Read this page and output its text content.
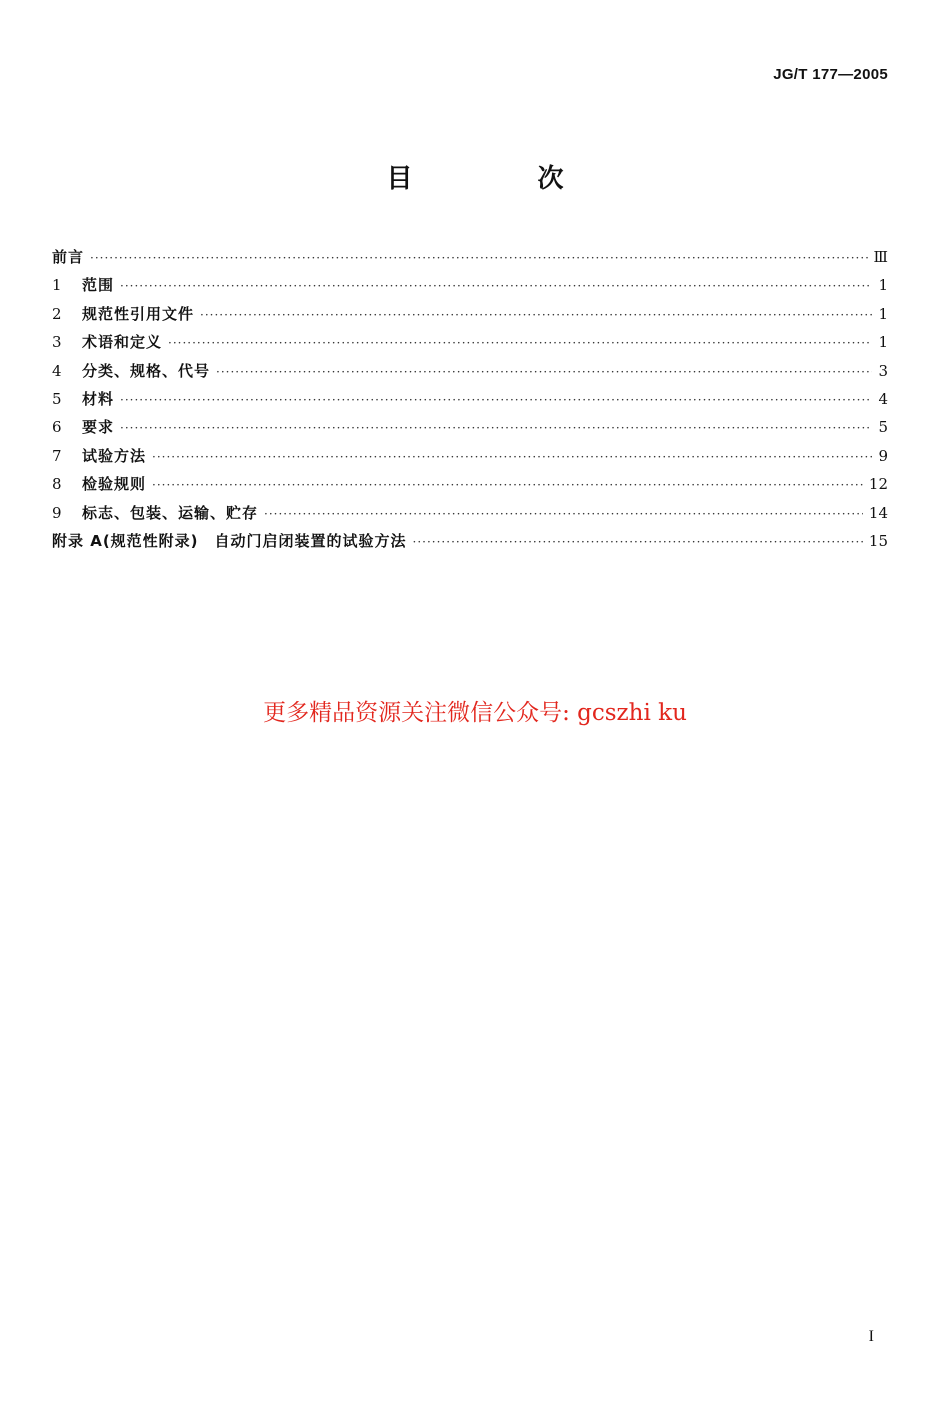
JG/T 177—2005
目 次
前言 ·····	Ⅲ
1	范围 ·····	1
2	规范性引用文件 ·····	1
3	术语和定义 ·····	1
4	分类、规格、代号 ·····	3
5	材料 ·····	4
6	要求 ·····	5
7	试验方法 ·····	9
8	检验规则 ·····	12
9	标志、包装、运输、贮存 ·····	14
附录 A(规范性附录)　自动门启闭装置的试验方法 ·····	15
更多精品资源关注微信公众号: gcszhi ku
I
